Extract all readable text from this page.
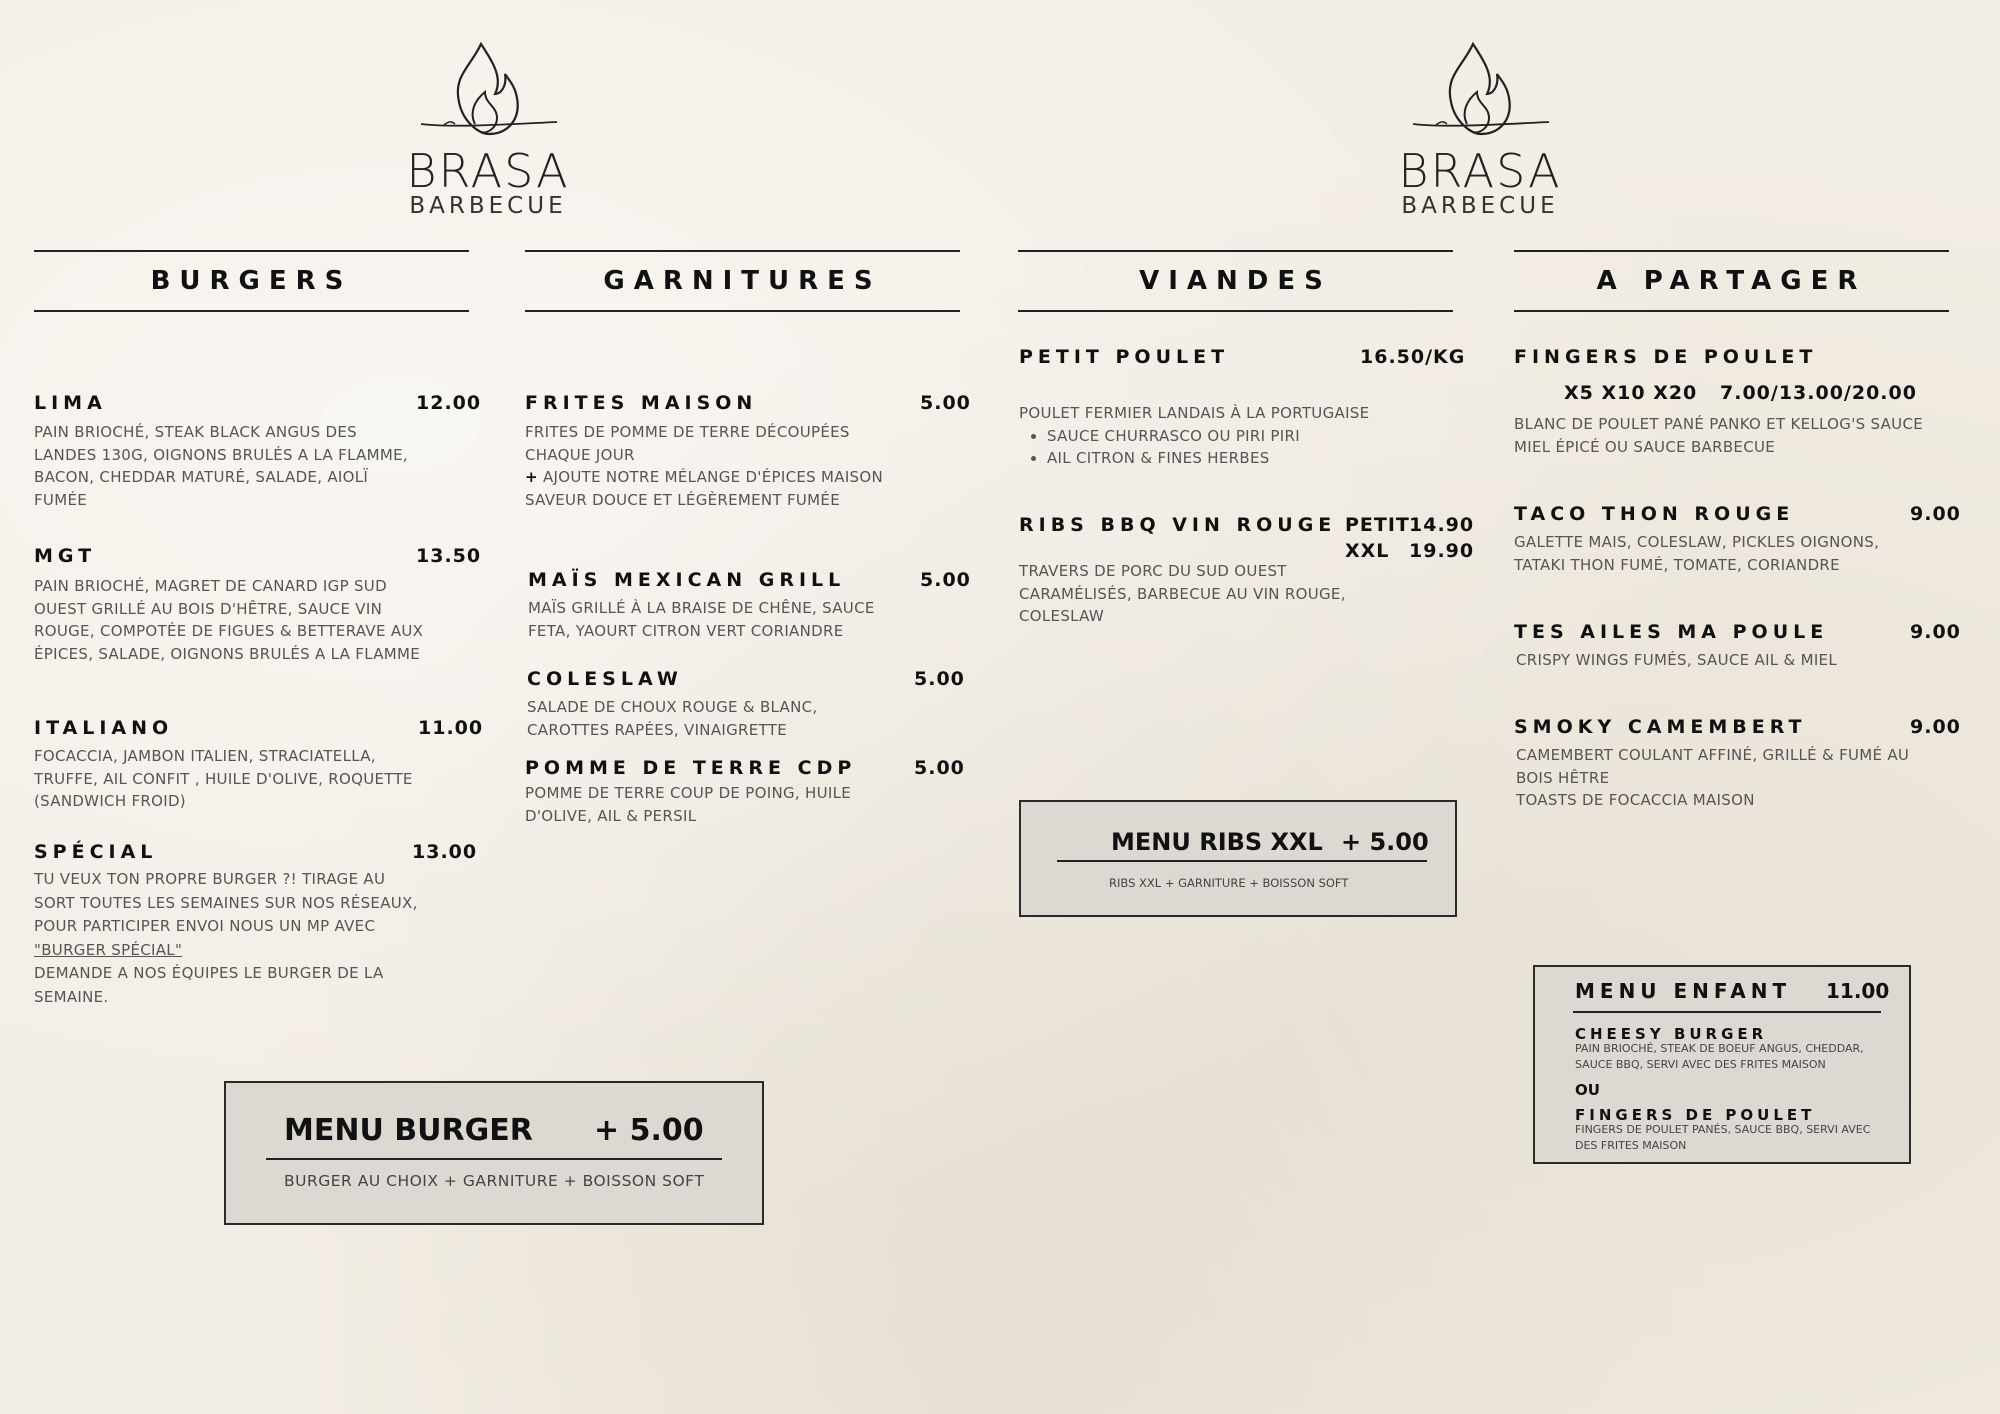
BRASA
BARBECUE
BRASA
BARBECUE
BURGERS	GARNITURES	VIANDES	A PARTAGER
LIMA	12.00
PAIN BRIOCHÉ, STEAK BLACK ANGUS DES LANDES 130G, OIGNONS BRULÉS A LA FLAMME, BACON, CHEDDAR MATURÉ, SALADE, AIOLÏ FUMÉE
MGT	13.50
PAIN BRIOCHÉ, MAGRET DE CANARD IGP SUD OUEST GRILLÉ AU BOIS D'HÊTRE, SAUCE VIN ROUGE, COMPOTÉE DE FIGUES & BETTERAVE AUX ÉPICES, SALADE, OIGNONS BRULÉS A LA FLAMME
ITALIANO	11.00
FOCACCIA, JAMBON ITALIEN, STRACIATELLA, TRUFFE, AIL CONFIT , HUILE D'OLIVE, ROQUETTE (SANDWICH FROID)
SPÉCIAL	13.00
TU VEUX TON PROPRE BURGER ?! TIRAGE AU SORT TOUTES LES SEMAINES SUR NOS RÉSEAUX, POUR PARTICIPER ENVOI NOUS UN MP AVEC "BURGER SPÉCIAL"
DEMANDE A NOS ÉQUIPES LE BURGER DE LA SEMAINE.
FRITES MAISON	5.00
FRITES DE POMME DE TERRE DÉCOUPÉES CHAQUE JOUR
+ AJOUTE NOTRE MÉLANGE D'ÉPICES MAISON SAVEUR DOUCE ET LÉGÈREMENT FUMÉE
MAÏS MEXICAN GRILL	5.00
MAÏS GRILLÉ À LA BRAISE DE CHÊNE, SAUCE FETA, YAOURT CITRON VERT CORIANDRE
COLESLAW	5.00
SALADE DE CHOUX ROUGE & BLANC, CAROTTES RAPÉES, VINAIGRETTE
POMME DE TERRE CDP	5.00
POMME DE TERRE COUP DE POING, HUILE D'OLIVE, AIL & PERSIL
PETIT POULET	16.50/KG
POULET FERMIER LANDAIS À LA PORTUGAISE
• SAUCE CHURRASCO OU PIRI PIRI
• AIL CITRON & FINES HERBES
RIBS BBQ VIN ROUGE PETIT 14.90
XXL 19.90
TRAVERS DE PORC DU SUD OUEST CARAMÉLISÉS, BARBECUE AU VIN ROUGE, COLESLAW
FINGERS DE POULET
X5 X10 X20 7.00/13.00/20.00
BLANC DE POULET PANÉ PANKO ET KELLOG'S SAUCE MIEL ÉPICÉ OU SAUCE BARBECUE
TACO THON ROUGE	9.00
GALETTE MAIS, COLESLAW, PICKLES OIGNONS, TATAKI THON FUMÉ, TOMATE, CORIANDRE
TES AILES MA POULE	9.00
CRISPY WINGS FUMÉS, SAUCE AIL & MIEL
SMOKY CAMEMBERT	9.00
CAMEMBERT COULANT AFFINÉ, GRILLÉ & FUMÉ AU BOIS HÊTRE
TOASTS DE FOCACCIA MAISON
MENU BURGER + 5.00
BURGER AU CHOIX + GARNITURE + BOISSON SOFT
MENU RIBS XXL + 5.00
RIBS XXL + GARNITURE + BOISSON SOFT
MENU ENFANT 11.00
CHEESY BURGER
PAIN BRIOCHÉ, STEAK DE BOEUF ANGUS, CHEDDAR, SAUCE BBQ, SERVI AVEC DES FRITES MAISON
OU
FINGERS DE POULET
FINGERS DE POULET PANÉS, SAUCE BBQ, SERVI AVEC DES FRITES MAISON
